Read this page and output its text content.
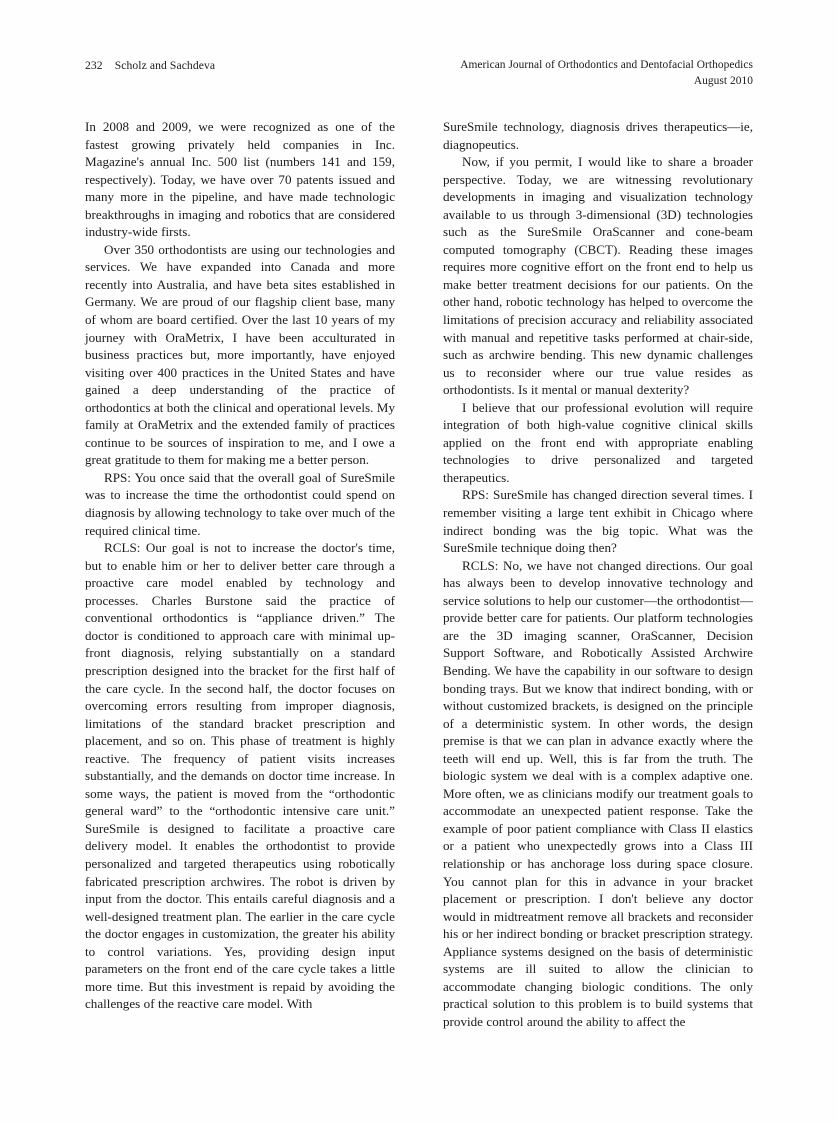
232 Scholz and Sachdeva	American Journal of Orthodontics and Dentofacial Orthopedics
August 2010

In 2008 and 2009, we were recognized as one of the fastest growing privately held companies in Inc. Magazine's annual Inc. 500 list (numbers 141 and 159, respectively). Today, we have over 70 patents issued and many more in the pipeline, and have made technologic breakthroughs in imaging and robotics that are considered industry-wide firsts.

Over 350 orthodontists are using our technologies and services. We have expanded into Canada and more recently into Australia, and have beta sites established in Germany. We are proud of our flagship client base, many of whom are board certified. Over the last 10 years of my journey with OraMetrix, I have been acculturated in business practices but, more importantly, have enjoyed visiting over 400 practices in the United States and have gained a deep understanding of the practice of orthodontics at both the clinical and operational levels. My family at OraMetrix and the extended family of practices continue to be sources of inspiration to me, and I owe a great gratitude to them for making me a better person.

RPS: You once said that the overall goal of SureSmile was to increase the time the orthodontist could spend on diagnosis by allowing technology to take over much of the required clinical time.

RCLS: Our goal is not to increase the doctor's time, but to enable him or her to deliver better care through a proactive care model enabled by technology and processes. Charles Burstone said the practice of conventional orthodontics is “appliance driven.” The doctor is conditioned to approach care with minimal up-front diagnosis, relying substantially on a standard prescription designed into the bracket for the first half of the care cycle. In the second half, the doctor focuses on overcoming errors resulting from improper diagnosis, limitations of the standard bracket prescription and placement, and so on. This phase of treatment is highly reactive. The frequency of patient visits increases substantially, and the demands on doctor time increase. In some ways, the patient is moved from the “orthodontic general ward” to the “orthodontic intensive care unit.” SureSmile is designed to facilitate a proactive care delivery model. It enables the orthodontist to provide personalized and targeted therapeutics using robotically fabricated prescription archwires. The robot is driven by input from the doctor. This entails careful diagnosis and a well-designed treatment plan. The earlier in the care cycle the doctor engages in customization, the greater his ability to control variations. Yes, providing design input parameters on the front end of the care cycle takes a little more time. But this investment is repaid by avoiding the challenges of the reactive care model. With

SureSmile technology, diagnosis drives therapeutics—ie, diagnopeutics.

Now, if you permit, I would like to share a broader perspective. Today, we are witnessing revolutionary developments in imaging and visualization technology available to us through 3-dimensional (3D) technologies such as the SureSmile OraScanner and cone-beam computed tomography (CBCT). Reading these images requires more cognitive effort on the front end to help us make better treatment decisions for our patients. On the other hand, robotic technology has helped to overcome the limitations of precision accuracy and reliability associated with manual and repetitive tasks performed at chair-side, such as archwire bending. This new dynamic challenges us to reconsider where our true value resides as orthodontists. Is it mental or manual dexterity?

I believe that our professional evolution will require integration of both high-value cognitive clinical skills applied on the front end with appropriate enabling technologies to drive personalized and targeted therapeutics.

RPS: SureSmile has changed direction several times. I remember visiting a large tent exhibit in Chicago where indirect bonding was the big topic. What was the SureSmile technique doing then?

RCLS: No, we have not changed directions. Our goal has always been to develop innovative technology and service solutions to help our customer—the orthodontist—provide better care for patients. Our platform technologies are the 3D imaging scanner, OraScanner, Decision Support Software, and Robotically Assisted Archwire Bending. We have the capability in our software to design bonding trays. But we know that indirect bonding, with or without customized brackets, is designed on the principle of a deterministic system. In other words, the design premise is that we can plan in advance exactly where the teeth will end up. Well, this is far from the truth. The biologic system we deal with is a complex adaptive one. More often, we as clinicians modify our treatment goals to accommodate an unexpected patient response. Take the example of poor patient compliance with Class II elastics or a patient who unexpectedly grows into a Class III relationship or has anchorage loss during space closure. You cannot plan for this in advance in your bracket placement or prescription. I don't believe any doctor would in midtreatment remove all brackets and reconsider his or her indirect bonding or bracket prescription strategy. Appliance systems designed on the basis of deterministic systems are ill suited to allow the clinician to accommodate changing biologic conditions. The only practical solution to this problem is to build systems that provide control around the ability to affect the
